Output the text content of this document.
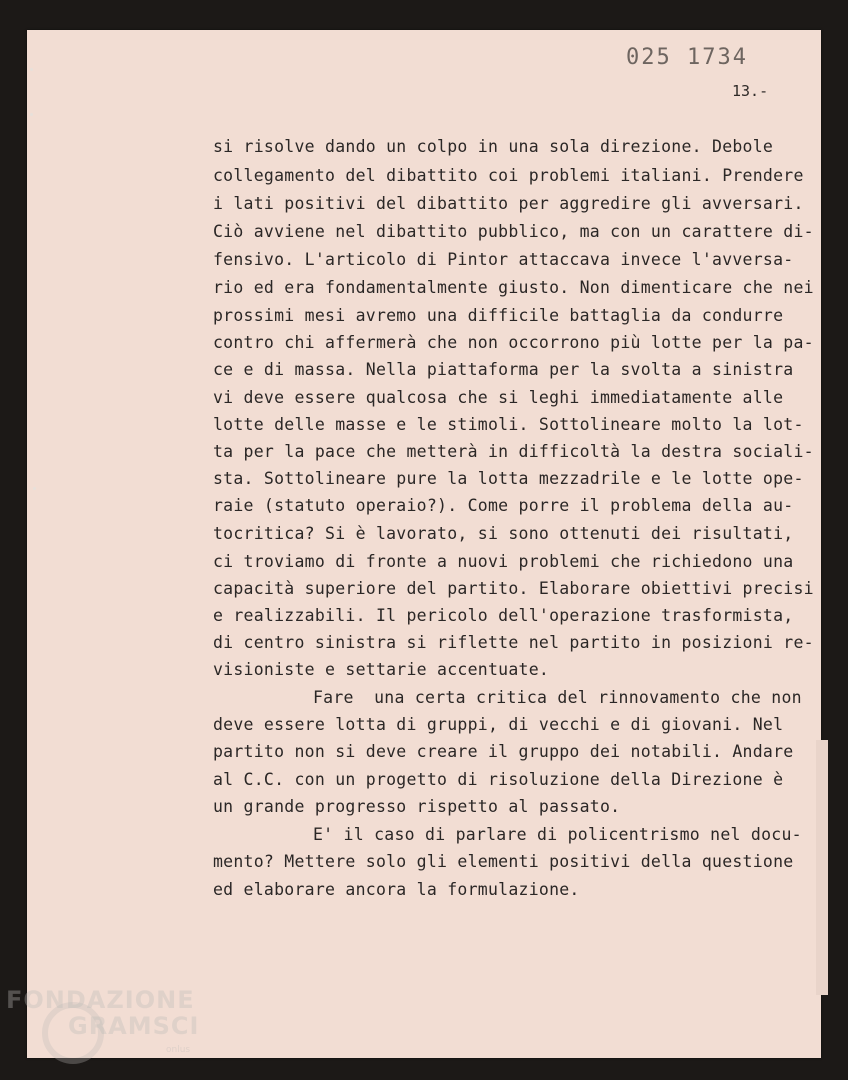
025 1734
13.-
si risolve dando un colpo in una sola direzione. Debole
collegamento del dibattito coi problemi italiani. Prendere
i lati positivi del dibattito per aggredire gli avversari.
Ciò avviene nel dibattito pubblico, ma con un carattere di-
fensivo. L'articolo di Pintor attaccava invece l'avversa-
rio ed era fondamentalmente giusto. Non dimenticare che nei
prossimi mesi avremo una difficile battaglia da condurre
contro chi affermerà che non occorrono più lotte per la pa-
ce e di massa. Nella piattaforma per la svolta a sinistra
vi deve essere qualcosa che si leghi immediatamente alle
lotte delle masse e le stimoli. Sottolineare molto la lot-
ta per la pace che metterà in difficoltà la destra sociali-
sta. Sottolineare pure la lotta mezzadrile e le lotte ope-
raie (statuto operaio?). Come porre il problema della au-
tocritica? Si è lavorato, si sono ottenuti dei risultati,
ci troviamo di fronte a nuovi problemi che richiedono una
capacità superiore del partito. Elaborare obiettivi precisi
e realizzabili. Il pericolo dell'operazione trasformista,
di centro sinistra si riflette nel partito in posizioni re-
visioniste e settarie accentuate.
Fare  una certa critica del rinnovamento che non
deve essere lotta di gruppi, di vecchi e di giovani. Nel
partito non si deve creare il gruppo dei notabili. Andare
al C.C. con un progetto di risoluzione della Direzione è
un grande progresso rispetto al passato.
E' il caso di parlare di policentrismo nel docu-
mento? Mettere solo gli elementi positivi della questione
ed elaborare ancora la formulazione.
FONDAZIONE
GRAMSCI
onlus
